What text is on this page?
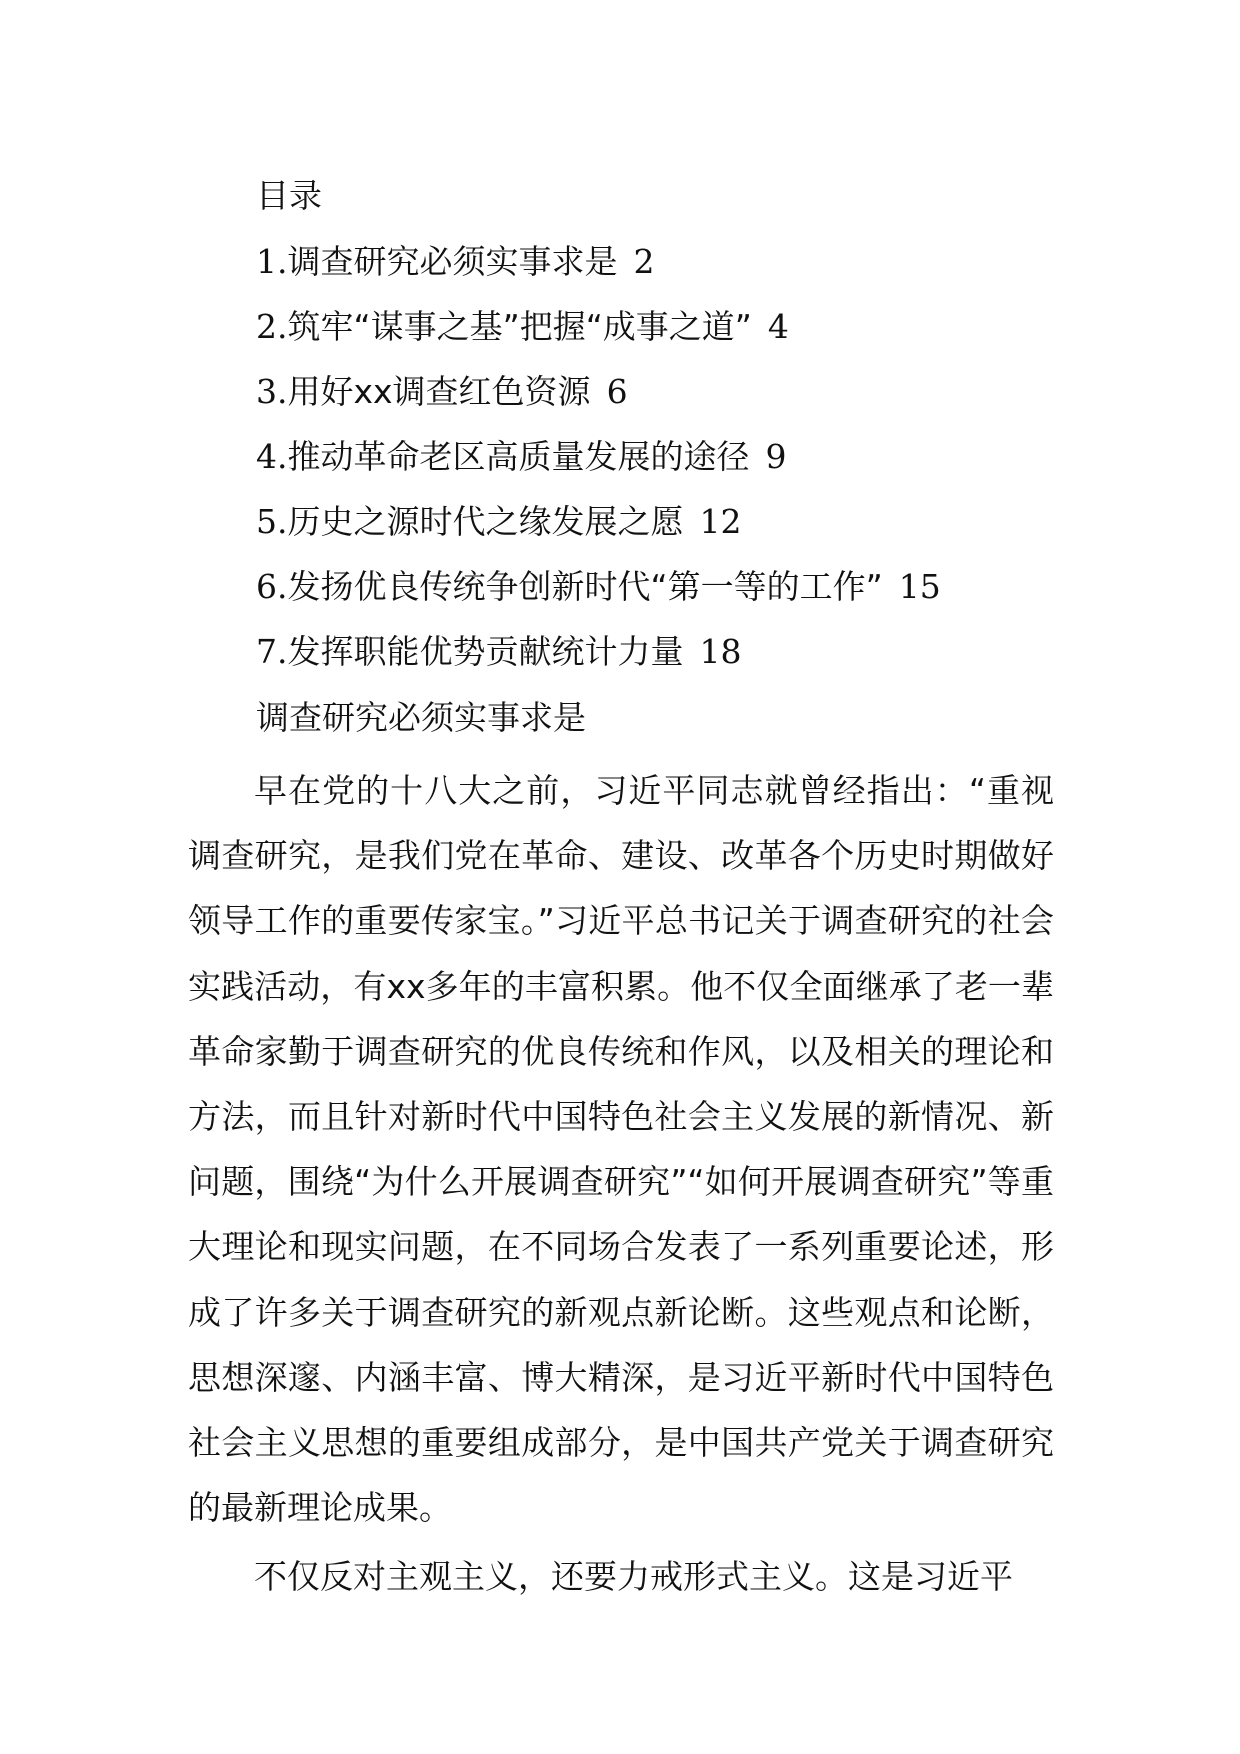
目录
1.调查研究必须实事求是 2
2.筑牢“谋事之基”把握“成事之道” 4
3.用好xx调查红色资源 6
4.推动革命老区高质量发展的途径 9
5.历史之源时代之缘发展之愿 12
6.发扬优良传统争创新时代“第一等的工作” 15
7.发挥职能优势贡献统计力量 18
调查研究必须实事求是

早在党的十八大之前，习近平同志就曾经指出：“重视调查研究，是我们党在革命、建设、改革各个历史时期做好领导工作的重要传家宝。”习近平总书记关于调查研究的社会实践活动，有xx多年的丰富积累。他不仅全面继承了老一辈革命家勤于调查研究的优良传统和作风，以及相关的理论和方法，而且针对新时代中国特色社会主义发展的新情况、新问题，围绕“为什么开展调查研究”“如何开展调查研究”等重大理论和现实问题，在不同场合发表了一系列重要论述，形成了许多关于调查研究的新观点新论断。这些观点和论断，思想深邃、内涵丰富、博大精深，是习近平新时代中国特色社会主义思想的重要组成部分，是中国共产党关于调查研究的最新理论成果。

不仅反对主观主义，还要力戒形式主义。这是习近平
